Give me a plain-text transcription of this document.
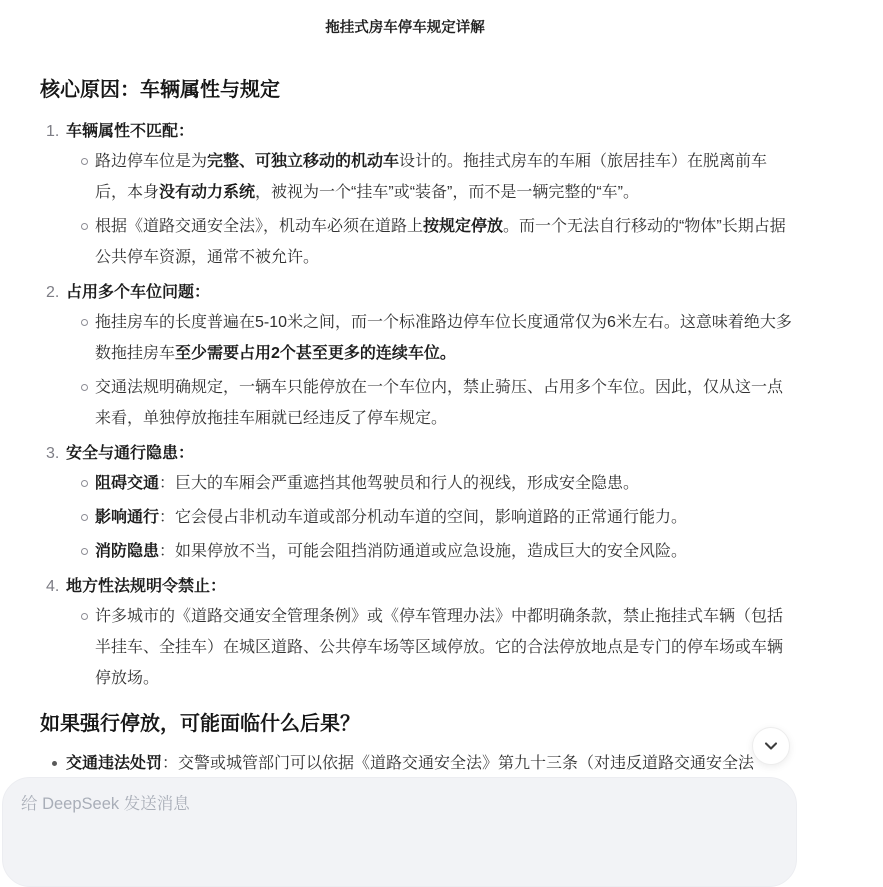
拖挂式房车停车规定详解
核心原因：车辆属性与规定
1. 车辆属性不匹配：

路边停车位是为完整、可独立移动的机动车设计的。拖挂式房车的车厢（旅居挂车）在脱离前车后，本身没有动力系统，被视为一个“挂车”或“装备”，而不是一辆完整的“车”。

根据《道路交通安全法》，机动车必须在道路上按规定停放。而一个无法自行移动的“物体”长期占据公共停车资源，通常不被允许。

2. 占用多个车位问题：

拖挂房车的长度普遍在5-10米之间，而一个标准路边停车位长度通常仅为6米左右。这意味着绝大多数拖挂房车至少需要占用2个甚至更多的连续车位。

交通法规明确规定，一辆车只能停放在一个车位内，禁止骑压、占用多个车位。因此，仅从这一点来看，单独停放拖挂车厢就已经违反了停车规定。

3. 安全与通行隐患：

阻碍交通：巨大的车厢会严重遮挡其他驾驶员和行人的视线，形成安全隐患。

影响通行：它会侵占非机动车道或部分机动车道的空间，影响道路的正常通行能力。

消防隐患：如果停放不当，可能会阻挡消防通道或应急设施，造成巨大的安全风险。

4. 地方性法规明令禁止：

许多城市的《道路交通安全管理条例》或《停车管理办法》中都明确条款，禁止拖挂式车辆（包括半挂车、全挂车）在城区道路、公共停车场等区域停放。它的合法停放地点是专门的停车场或车辆停放场。

如果强行停放，可能面临什么后果？

交通违法处罚：交警或城管部门可以依据《道路交通安全法》第九十三条（对违反道路交通安全法

给 DeepSeek 发送消息
